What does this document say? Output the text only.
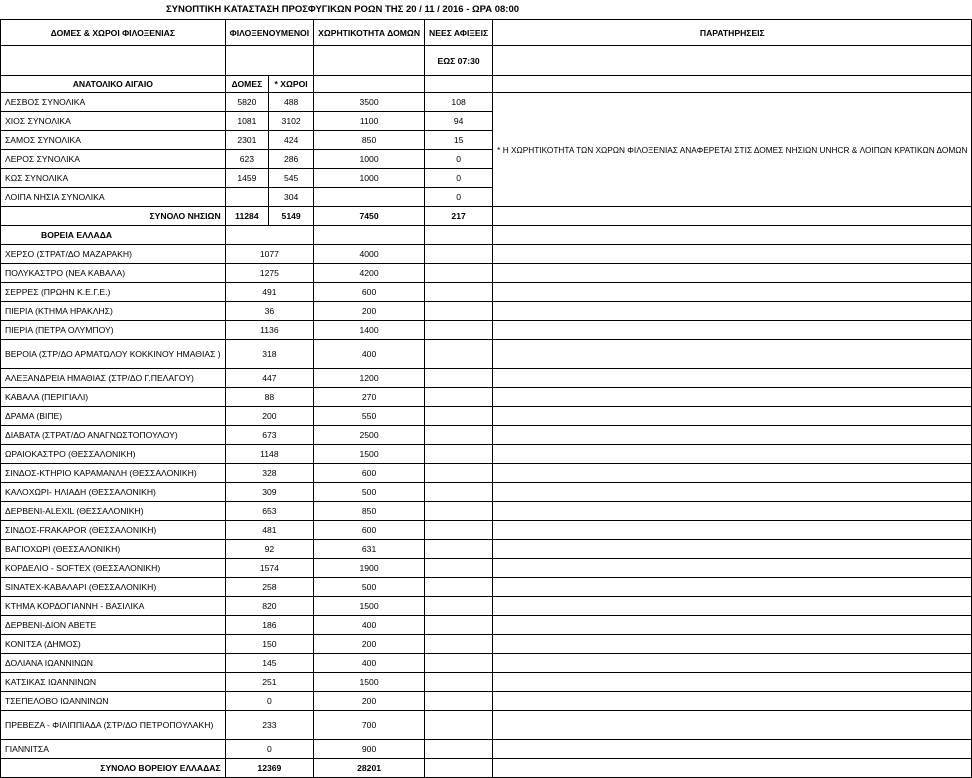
ΣΥΝΟΠΤΙΚΗ ΚΑΤΑΣΤΑΣΗ ΠΡΟΣΦΥΓΙΚΩΝ ΡΟΩΝ ΤΗΣ 20 / 11 / 2016 - ΩΡΑ 08:00
ΔΟΜΕΣ & ΧΩΡΟΙ ΦΙΛΟΞΕΝΙΑΣ	ΦΙΛΟΞΕΝΟΥΜΕΝΟΙ		ΧΩΡΗΤΙΚΟΤΗΤΑ ΔΟΜΩΝ	ΝΕΕΣ ΑΦΙΞΕΙΣ	ΠΑΡΑΤΗΡΗΣΕΙΣ
				ΕΩΣ 07:30	
ΑΝΑΤΟΛΙΚΟ ΑΙΓΑΙΟ	ΔΟΜΕΣ	* ΧΩΡΟΙ			
ΛΕΣΒΟΣ ΣΥΝΟΛΙΚΑ	5820	488	3500	108	* Η ΧΩΡΗΤΙΚΟΤΗΤΑ ΤΩΝ ΧΩΡΩΝ ΦΙΛΟΞΕΝΙΑΣ ΑΝΑΦΕΡΕΤΑΙ ΣΤΙΣ ΔΟΜΕΣ ΝΗΣΙΩΝ UNHCR & ΛΟΙΠΩΝ ΚΡΑΤΙΚΩΝ ΔΟΜΩΝ
ΧΙΟΣ ΣΥΝΟΛΙΚΑ	1081	3102	1100	94	
ΣΑΜΟΣ ΣΥΝΟΛΙΚΑ	2301	424	850	15	
ΛΕΡΟΣ ΣΥΝΟΛΙΚΑ	623	286	1000	0	
ΚΩΣ ΣΥΝΟΛΙΚΑ	1459	545	1000	0	
ΛΟΙΠΑ ΝΗΣΙΑ ΣΥΝΟΛΙΚΑ		304		0	
ΣΥΝΟΛΟ ΝΗΣΙΩΝ	11284	5149	7450	217	
ΒΟΡΕΙΑ ΕΛΛΑΔΑ					
ΧΕΡΣΟ (ΣΤΡΑΤ/ΔΟ ΜΑΖΑΡΑΚΗ)	1077		4000		
ΠΟΛΥΚΑΣΤΡΟ (ΝΕΑ ΚΑΒΑΛΑ)	1275		4200		
ΣΕΡΡΕΣ (ΠΡΩΗΝ Κ.Ε.Γ.Ε.)	491		600		
ΠΙΕΡΙΑ (ΚΤΗΜΑ ΗΡΑΚΛΗΣ)	36		200		
ΠΙΕΡΙΑ (ΠΕΤΡΑ ΟΛΥΜΠΟΥ)	1136		1400		
ΒΕΡΟΙΑ (ΣΤΡ/ΔΟ ΑΡΜΑΤΩΛΟΥ ΚΟΚΚΙΝΟΥ ΗΜΑΘΙΑΣ )	318		400		
ΑΛΕΞΑΝΔΡΕΙΑ ΗΜΑΘΙΑΣ (ΣΤΡ/ΔΟ Γ.ΠΕΛΑΓΟΥ)	447		1200		
ΚΑΒΑΛΑ (ΠΕΡΙΓΙΑΛΙ)	88		270		
ΔΡΑΜΑ (ΒΙΠΕ)	200		550		
ΔΙΑΒΑΤΑ (ΣΤΡΑΤ/ΔΟ ΑΝΑΓΝΩΣΤΟΠΟΥΛΟΥ)	673		2500		
ΩΡΑΙΟΚΑΣΤΡΟ (ΘΕΣΣΑΛΟΝΙΚΗ)	1148		1500		
ΣΙΝΔΟΣ-ΚΤΗΡΙΟ ΚΑΡΑΜΑΝΛΗ (ΘΕΣΣΑΛΟΝΙΚΗ)	328		600		
ΚΑΛΟΧΩΡΙ- ΗΛΙΑΔΗ (ΘΕΣΣΑΛΟΝΙΚΗ)	309		500		
ΔΕΡΒΕΝΙ-ALEXIL (ΘΕΣΣΑΛΟΝΙΚΗ)	653		850		
ΣΙΝΔΟΣ-FRAKAPOR (ΘΕΣΣΑΛΟΝΙΚΗ)	481		600		
ΒΑΓΙΟΧΩΡΙ (ΘΕΣΣΑΛΟΝΙΚΗ)	92		631		
ΚΟΡΔΕΛΙΟ - SOFTEX (ΘΕΣΣΑΛΟΝΙΚΗ)	1574		1900		
SINATEX-ΚΑΒΑΛΑΡΙ (ΘΕΣΣΑΛΟΝΙΚΗ)	258		500		
ΚΤΗΜΑ ΚΟΡΔΟΓΙΑΝΝΗ - ΒΑΣΙΛΙΚΑ	820		1500		
ΔΕΡΒΕΝΙ-ΔΙΟΝ ΑΒΕΤΕ	186		400		
ΚΟΝΙΤΣΑ (ΔΗΜΟΣ)	150		200		
ΔΟΛΙΑΝΑ ΙΩΑΝΝΙΝΩΝ	145		400		
ΚΑΤΣΙΚΑΣ ΙΩΑΝΝΙΝΩΝ	251		1500		
ΤΣΕΠΕΛΟΒΟ ΙΩΑΝΝΙΝΩΝ	0		200		
ΠΡΕΒΕΖΑ - ΦΙΛΙΠΠΙΑΔΑ (ΣΤΡ/ΔΟ ΠΕΤΡΟΠΟΥΛΑΚΗ)	233		700		
ΓΙΑΝΝΙΤΣΑ	0		900		
ΣΥΝΟΛΟ ΒΟΡΕΙΟΥ ΕΛΛΑΔΑΣ	12369		28201		
